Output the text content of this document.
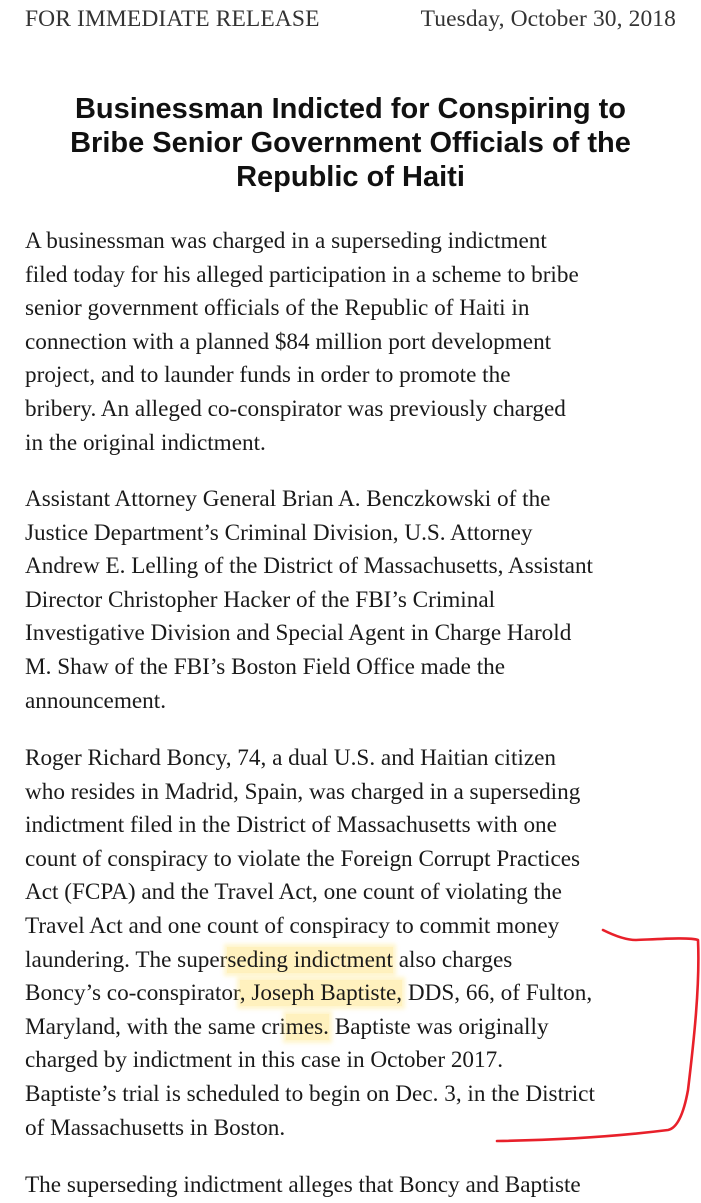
FOR IMMEDIATE RELEASE	Tuesday, October 30, 2018
Businessman Indicted for Conspiring to
Bribe Senior Government Officials of the
Republic of Haiti

A businessman was charged in a superseding indictment
filed today for his alleged participation in a scheme to bribe
senior government officials of the Republic of Haiti in
connection with a planned $84 million port development
project, and to launder funds in order to promote the
bribery. An alleged co-conspirator was previously charged
in the original indictment.

Assistant Attorney General Brian A. Benczkowski of the
Justice Department’s Criminal Division, U.S. Attorney
Andrew E. Lelling of the District of Massachusetts, Assistant
Director Christopher Hacker of the FBI’s Criminal
Investigative Division and Special Agent in Charge Harold
M. Shaw of the FBI’s Boston Field Office made the
announcement.

Roger Richard Boncy, 74, a dual U.S. and Haitian citizen
who resides in Madrid, Spain, was charged in a superseding
indictment filed in the District of Massachusetts with one
count of conspiracy to violate the Foreign Corrupt Practices
Act (FCPA) and the Travel Act, one count of violating the
Travel Act and one count of conspiracy to commit money
laundering. The superseding indictment also charges
Boncy’s co-conspirator, Joseph Baptiste, DDS, 66, of Fulton,
Maryland, with the same crimes. Baptiste was originally
charged by indictment in this case in October 2017.
Baptiste’s trial is scheduled to begin on Dec. 3, in the District
of Massachusetts in Boston.

The superseding indictment alleges that Boncy and Baptiste
